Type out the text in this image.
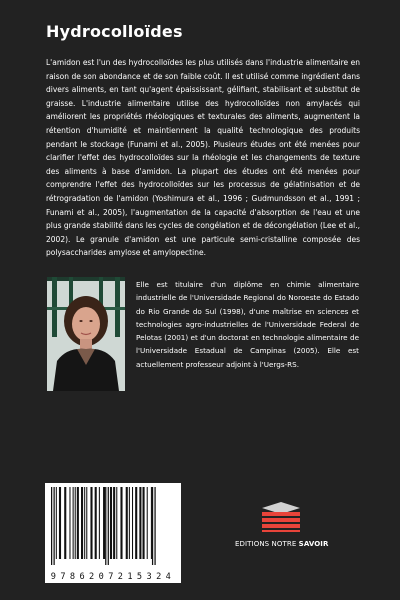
Hydrocolloïdes

L'amidon est l'un des hydrocolloïdes les plus utilisés dans l'industrie alimentaire en raison de son abondance et de son faible coût. Il est utilisé comme ingrédient dans divers aliments, en tant qu'agent épaississant, gélifiant, stabilisant et substitut de graisse. L'industrie alimentaire utilise des hydrocolloïdes non amylacés qui améliorent les propriétés rhéologiques et texturales des aliments, augmentent la rétention d'humidité et maintiennent la qualité technologique des produits pendant le stockage (Funami et al., 2005). Plusieurs études ont été menées pour clarifier l'effet des hydrocolloïdes sur la rhéologie et les changements de texture des aliments à base d'amidon. La plupart des études ont été menées pour comprendre l'effet des hydrocolloïdes sur les processus de gélatinisation et de rétrogradation de l'amidon (Yoshimura et al., 1996 ; Gudmundsson et al., 1991 ; Funami et al., 2005), l'augmentation de la capacité d'absorption de l'eau et une plus grande stabilité dans les cycles de congélation et de décongélation (Lee et al., 2002). Le granule d'amidon est une particule semi-cristalline composée des polysaccharides amylose et amylopectine.

Elle est titulaire d'un diplôme en chimie alimentaire industrielle de l'Universidade Regional do Noroeste do Estado do Rio Grande do Sul (1998), d'une maîtrise en sciences et technologies agro-industrielles de l'Universidade Federal de Pelotas (2001) et d'un doctorat en technologie alimentaire de l'Universidade Estadual de Campinas (2005). Elle est actuellement professeur adjoint à l'Uergs-RS.

9786207215324
EDITIONS NOTRE SAVOIR
